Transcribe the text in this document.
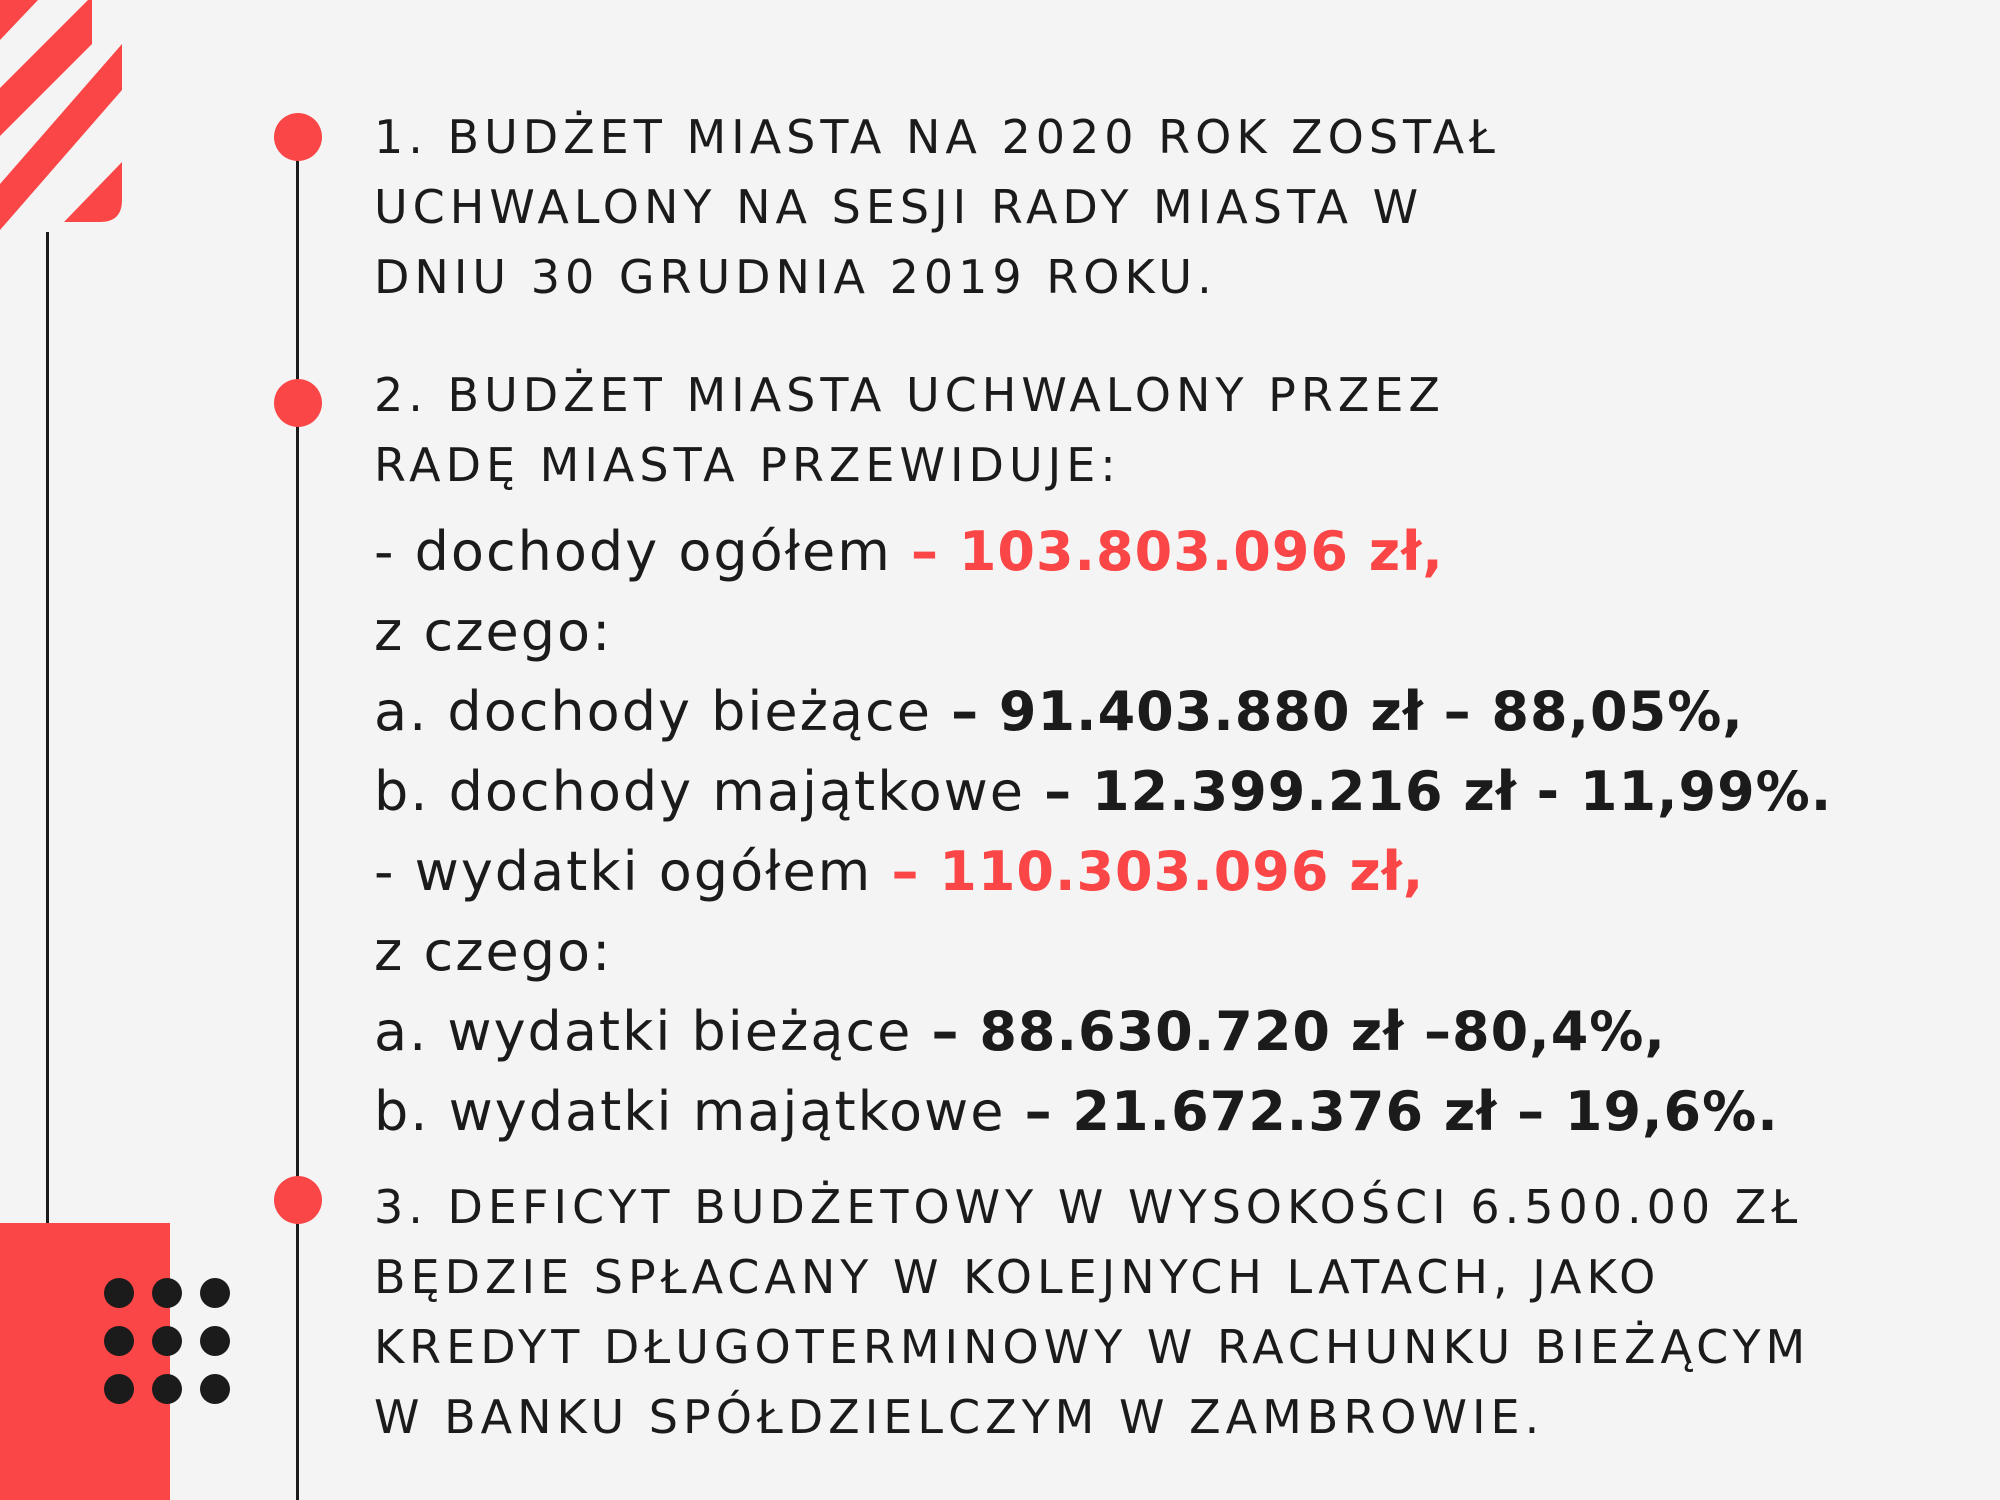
1. BUDŻET MIASTA NA 2020 ROK ZOSTAŁ

UCHWALONY NA SESJI RADY MIASTA W

DNIU 30 GRUDNIA 2019 ROKU.

2. BUDŻET MIASTA UCHWALONY PRZEZ

RADĘ MIASTA PRZEWIDUJE:

- dochody ogółem – 103.803.096 zł,
z czego:
a. dochody bieżące – 91.403.880 zł – 88,05%,
b. dochody majątkowe – 12.399.216 zł - 11,99%.
- wydatki ogółem – 110.303.096 zł,
z czego:
a. wydatki bieżące – 88.630.720 zł –80,4%,
b. wydatki majątkowe – 21.672.376 zł – 19,6%.

3. DEFICYT BUDŻETOWY W WYSOKOŚCI 6.500.00 ZŁ

BĘDZIE SPŁACANY W KOLEJNYCH LATACH, JAKO

KREDYT DŁUGOTERMINOWY W RACHUNKU BIEŻĄCYM

W BANKU SPÓŁDZIELCZYM W ZAMBROWIE.
